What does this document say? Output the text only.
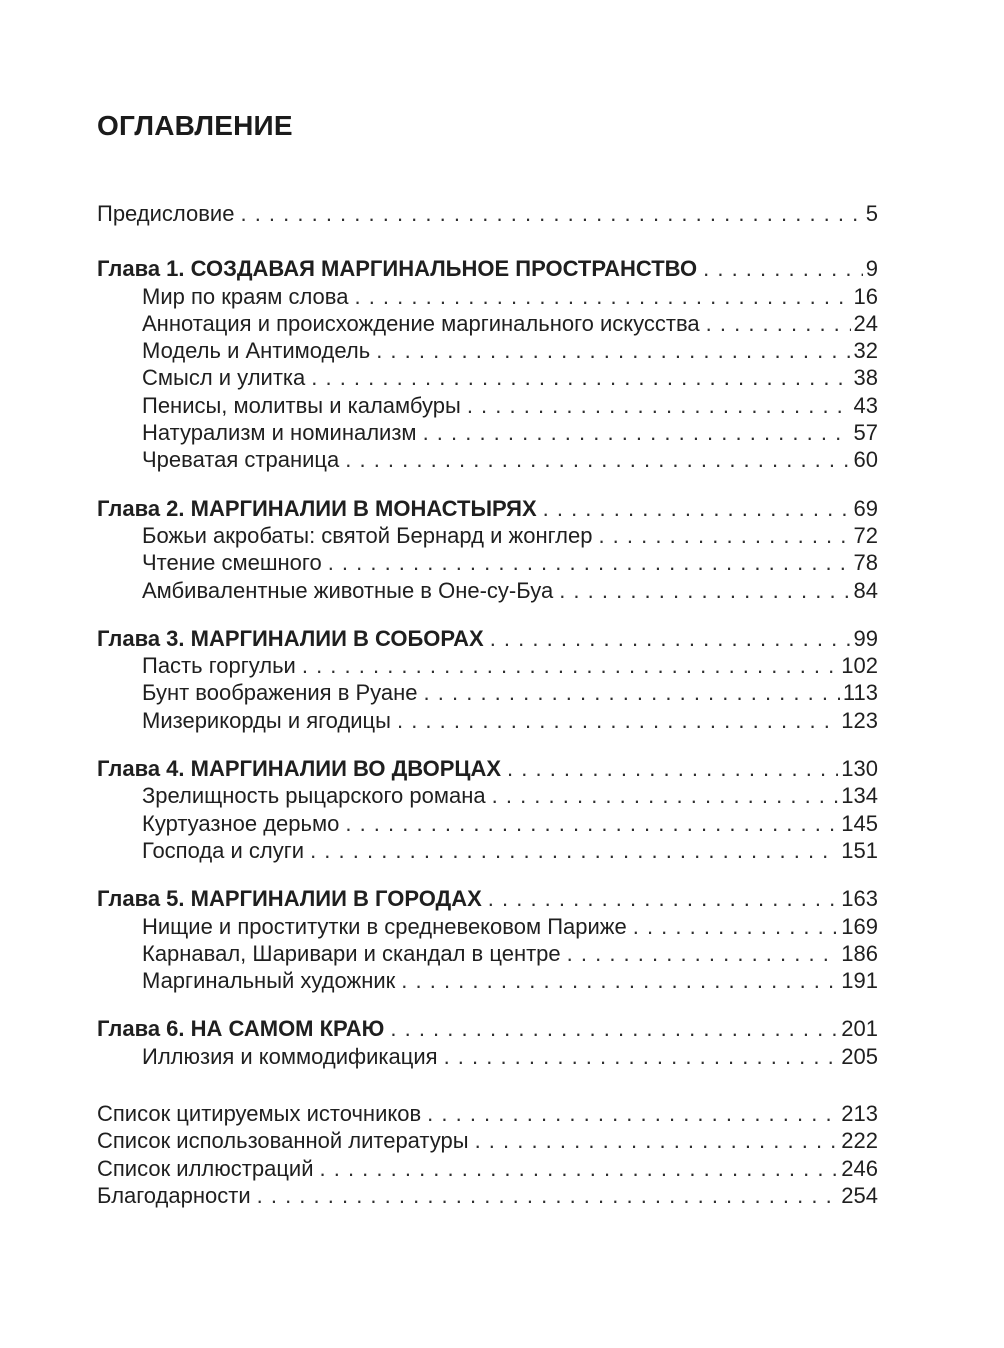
ОГЛАВЛЕНИЕ
Предисловие . . .	5
Глава 1. СОЗДАВАЯ МАРГИНАЛЬНОЕ ПРОСТРАНСТВО . . .	9
Мир по краям слова . . .	16
Аннотация и происхождение маргинального искусства . . .	24
Модель и Антимодель . . .	32
Смысл и улитка . . .	38
Пенисы, молитвы и каламбуры . . .	43
Натурализм и номинализм . . .	57
Чреватая страница . . .	60
Глава 2. МАРГИНАЛИИ В МОНАСТЫРЯХ . . .	69
Божьи акробаты: святой Бернард и жонглер . . .	72
Чтение смешного . . .	78
Амбивалентные животные в Оне-су-Буа . . .	84
Глава 3. МАРГИНАЛИИ В СОБОРАХ . . .	99
Пасть горгульи . . .	102
Бунт воображения в Руане . . .	113
Мизерикорды и ягодицы . . .	123
Глава 4. МАРГИНАЛИИ ВО ДВОРЦАХ . . .	130
Зрелищность рыцарского романа . . .	134
Куртуазное дерьмо . . .	145
Господа и слуги . . .	151
Глава 5. МАРГИНАЛИИ В ГОРОДАХ . . .	163
Нищие и проститутки в средневековом Париже . . .	169
Карнавал, Шаривари и скандал в центре . . .	186
Маргинальный художник . . .	191
Глава 6. НА САМОМ КРАЮ . . .	201
Иллюзия и коммодификация . . .	205
Список цитируемых источников . . .	213
Список использованной литературы . . .	222
Список иллюстраций . . .	246
Благодарности . . .	254
